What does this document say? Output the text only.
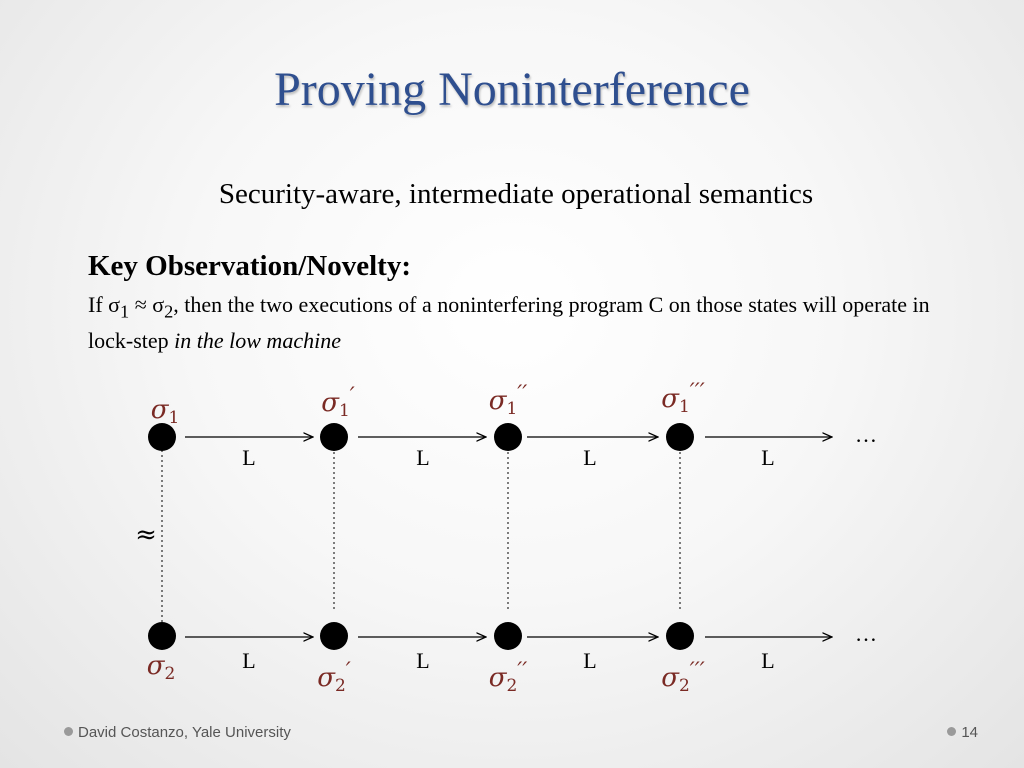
Proving Noninterference
Security-aware, intermediate operational semantics
Key Observation/Novelty:
If $\sigma_1 \approx \sigma_2$, then the two executions of a noninterfering program C on those states will operate in lock-step in the low machine
≈
L	L	L	L
L	L	L	L
…
…
σ1	σ1′	σ1′′	σ1′′′
σ2	σ2′	σ2′′	σ2′′′
David Costanzo, Yale University	14
